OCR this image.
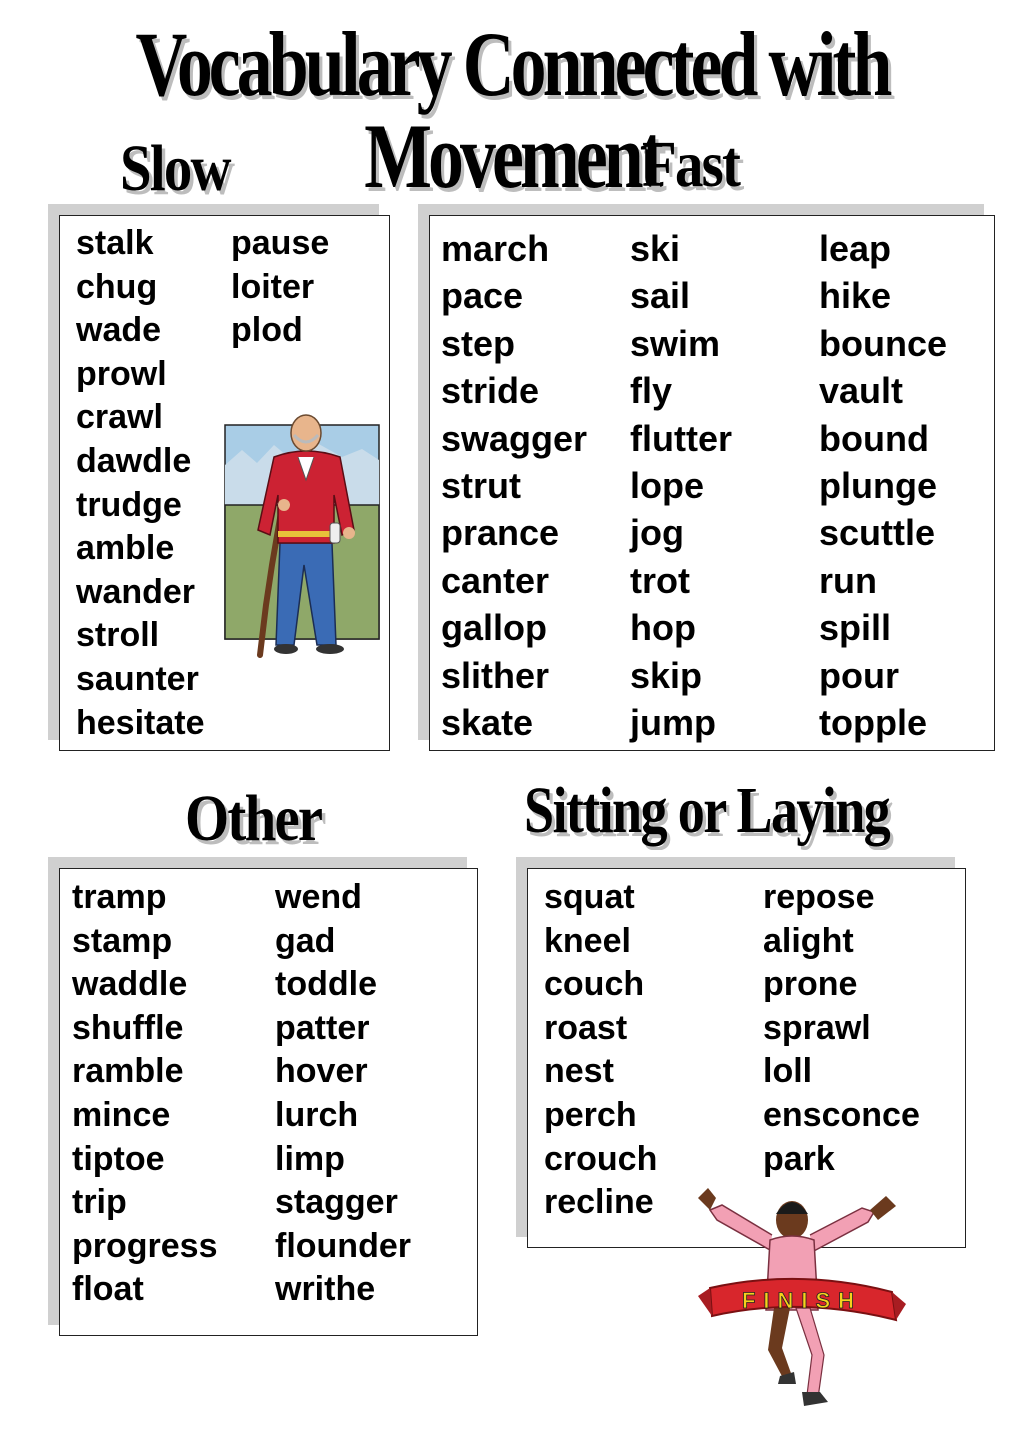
Vocabulary Connected with Movement
Slow	Fast
Other	Sitting or Laying
stalk
chug
wade
prowl
crawl
dawdle
trudge
amble
wander
stroll
saunter
hesitate
pause
loiter
plod
march
pace
step
stride
swagger
strut
prance
canter
gallop
slither
skate
ski
sail
swim
fly
flutter
lope
jog
trot
hop
skip
jump
leap
hike
bounce
vault
bound
plunge
scuttle
run
spill
pour
topple
tramp
stamp
waddle
shuffle
ramble
mince
tiptoe
trip
progress
float
wend
gad
toddle
patter
hover
lurch
limp
stagger
flounder
writhe
squat
kneel
couch
roast
nest
perch
crouch
recline
repose
alight
prone
sprawl
loll
ensconce
park
FINISH
